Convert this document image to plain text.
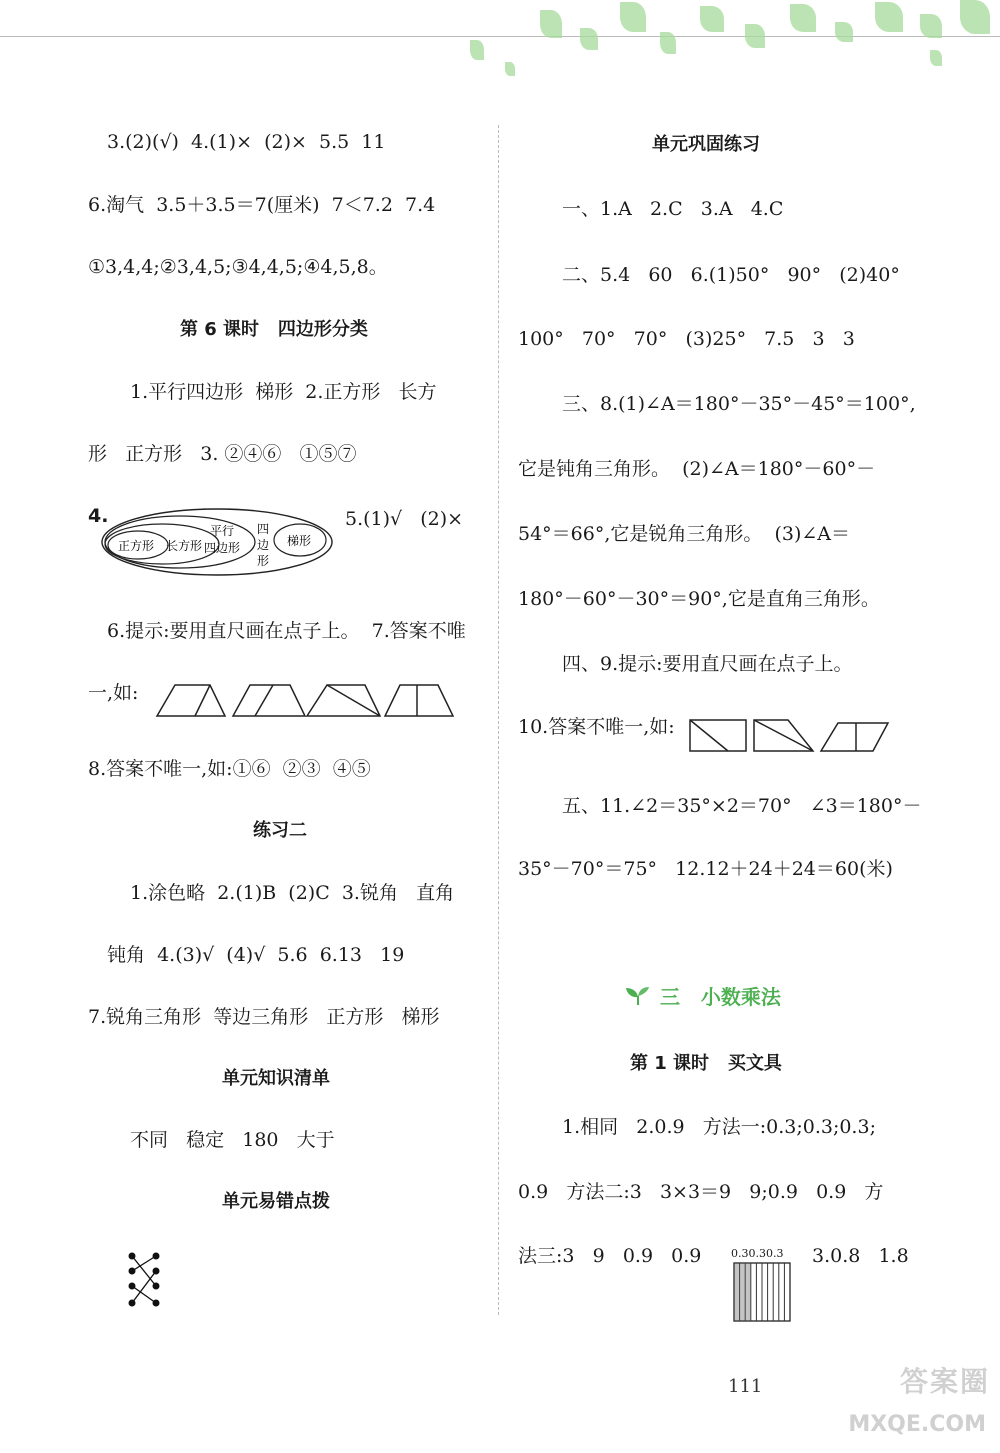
3.(2)(√)  4.(1)×  (2)×  5.5  11
6.淘气  3.5＋3.5＝7(厘米)  7＜7.2  7.4
①3,4,4;②3,4,5;③4,4,5;④4,5,8。
第 6 课时   四边形分类
1.平行四边形  梯形  2.正方形   长方
形   正方形   3. ②④⑥   ①⑤⑦
4.
正方形 长方形
平行
四边形
四
边
形
梯形
5.(1)√   (2)×
6.提示:要用直尺画在点子上。  7.答案不唯
一,如:
8.答案不唯一,如:①⑥  ②③  ④⑤
练习二
1.涂色略  2.(1)B  (2)C  3.锐角   直角
钝角  4.(3)√  (4)√  5.6  6.13   19
7.锐角三角形  等边三角形   正方形   梯形
单元知识清单
不同   稳定   180   大于
单元易错点拨
单元巩固练习
一、1.A   2.C   3.A   4.C
二、5.4   60   6.(1)50°   90°   (2)40°
100°   70°   70°   (3)25°   7.5   3   3
三、8.(1)∠A＝180°－35°－45°＝100°,
它是钝角三角形。  (2)∠A＝180°－60°－
54°＝66°,它是锐角三角形。  (3)∠A＝
180°－60°－30°＝90°,它是直角三角形。
四、9.提示:要用直尺画在点子上。
10.答案不唯一,如:
五、11.∠2＝35°×2＝70°   ∠3＝180°－
35°－70°＝75°   12.12＋24＋24＝60(米)
三   小数乘法
第 1 课时   买文具
1.相同   2.0.9   方法一:0.3;0.3;0.3;
0.9   方法二:3   3×3＝9   9;0.9   0.9   方
法三:3   9   0.9   0.9	0.30.30.3	3.0.8   1.8
111	答案圈
MXQE.COM
